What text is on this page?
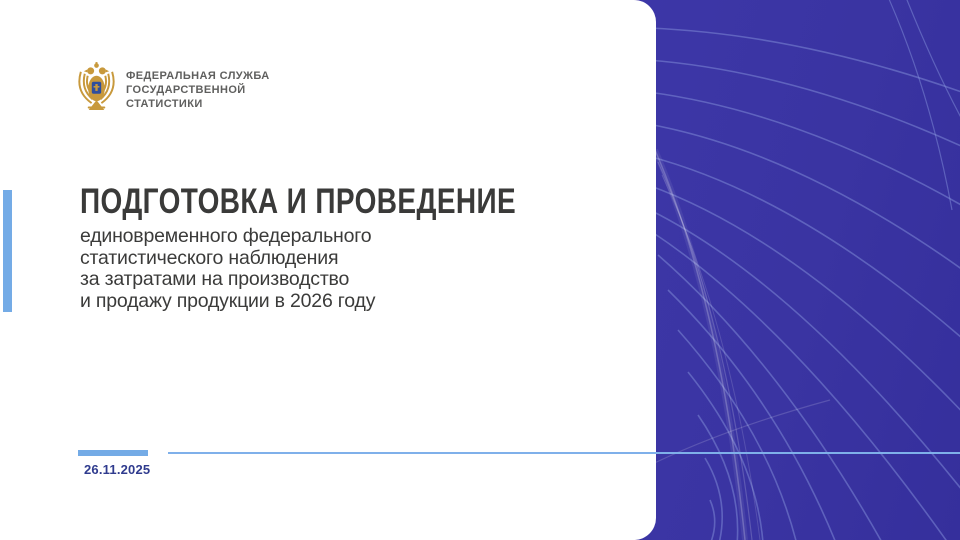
ФЕДЕРАЛЬНАЯ СЛУЖБА
ГОСУДАРСТВЕННОЙ
СТАТИСТИКИ
ПОДГОТОВКА И ПРОВЕДЕНИЕ
единовременного федерального
статистического наблюдения
за затратами на производство
и продажу продукции в 2026 году
26.11.2025
